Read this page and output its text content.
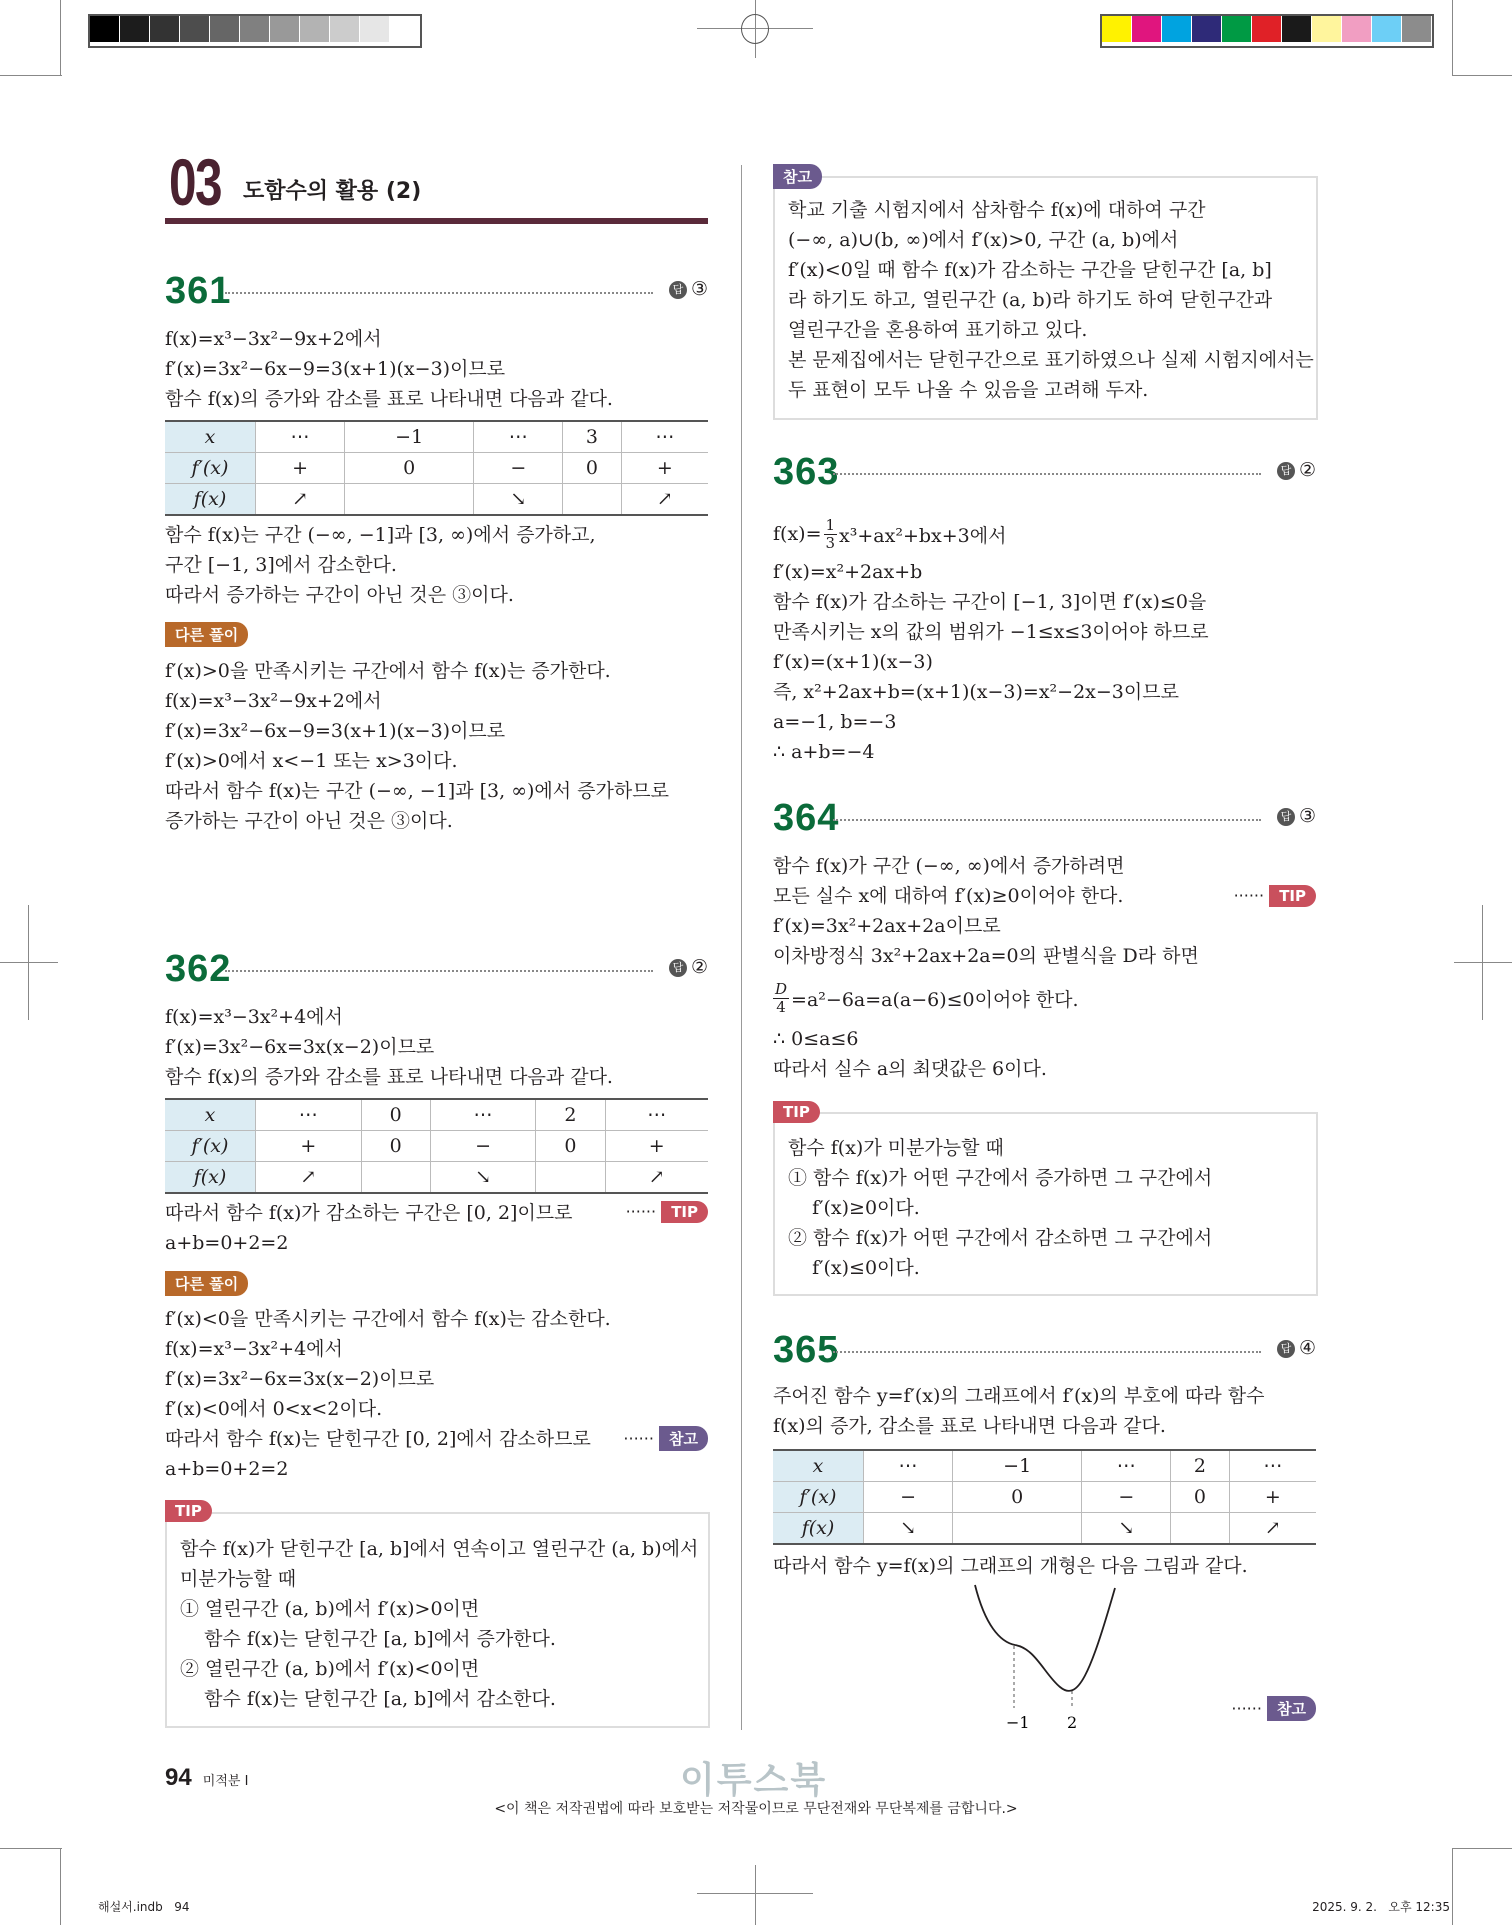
03 도함수의 활용 (2)
361	답 ③
f(x)=x³−3x²−9x+2에서
f′(x)=3x²−6x−9=3(x+1)(x−3)이므로
함수 f(x)의 증가와 감소를 표로 나타내면 다음과 같다.
x	⋯	−1	⋯	3	⋯
f′(x)	+	0	−	0	+
f(x)	↗		↘		↗
함수 f(x)는 구간 (−∞, −1]과 [3, ∞)에서 증가하고,
구간 [−1, 3]에서 감소한다.
따라서 증가하는 구간이 아닌 것은 ③이다.
다른 풀이
f′(x)>0을 만족시키는 구간에서 함수 f(x)는 증가한다.
f(x)=x³−3x²−9x+2에서
f′(x)=3x²−6x−9=3(x+1)(x−3)이므로
f′(x)>0에서 x<−1 또는 x>3이다.
따라서 함수 f(x)는 구간 (−∞, −1]과 [3, ∞)에서 증가하므로
증가하는 구간이 아닌 것은 ③이다.
362	답 ②
f(x)=x³−3x²+4에서
f′(x)=3x²−6x=3x(x−2)이므로
함수 f(x)의 증가와 감소를 표로 나타내면 다음과 같다.
x	⋯	0	⋯	2	⋯
f′(x)	+	0	−	0	+
f(x)	↗		↘		↗
따라서 함수 f(x)가 감소하는 구간은 [0, 2]이므로
a+b=0+2=2
······ TIP
다른 풀이
f′(x)<0을 만족시키는 구간에서 함수 f(x)는 감소한다.
f(x)=x³−3x²+4에서
f′(x)=3x²−6x=3x(x−2)이므로
f′(x)<0에서 0<x<2이다.
따라서 함수 f(x)는 닫힌구간 [0, 2]에서 감소하므로
a+b=0+2=2
······ 참고
TIP
함수 f(x)가 닫힌구간 [a, b]에서 연속이고 열린구간 (a, b)에서
미분가능할 때
① 열린구간 (a, b)에서 f′(x)>0이면
함수 f(x)는 닫힌구간 [a, b]에서 증가한다.
② 열린구간 (a, b)에서 f′(x)<0이면
함수 f(x)는 닫힌구간 [a, b]에서 감소한다.
참고
학교 기출 시험지에서 삼차함수 f(x)에 대하여 구간
(−∞, a)∪(b, ∞)에서 f′(x)>0, 구간 (a, b)에서
f′(x)<0일 때 함수 f(x)가 감소하는 구간을 닫힌구간 [a, b]
라 하기도 하고, 열린구간 (a, b)라 하기도 하여 닫힌구간과
열린구간을 혼용하여 표기하고 있다.
본 문제집에서는 닫힌구간으로 표기하였으나 실제 시험지에서는
두 표현이 모두 나올 수 있음을 고려해 두자.
363	답 ②
$f(x)= \frac{1}{3} x^3+ax^2+bx+3$에서
f′(x)=x²+2ax+b
함수 f(x)가 감소하는 구간이 [−1, 3]이면 f′(x)≤0을
만족시키는 x의 값의 범위가 −1≤x≤3이어야 하므로
f′(x)=(x+1)(x−3)
즉, x²+2ax+b=(x+1)(x−3)=x²−2x−3이므로
a=−1, b=−3
∴ a+b=−4
364	답 ③
함수 f(x)가 구간 (−∞, ∞)에서 증가하려면
모든 실수 x에 대하여 f′(x)≥0이어야 한다.
f′(x)=3x²+2ax+2a이므로
이차방정식 3x²+2ax+2a=0의 판별식을 D라 하면
······ TIP
$\frac{D}{4} =a^2-6a=a(a-6)\le 0$이어야 한다.
∴ 0≤a≤6
따라서 실수 a의 최댓값은 6이다.
TIP
함수 f(x)가 미분가능할 때
① 함수 f(x)가 어떤 구간에서 증가하면 그 구간에서
f′(x)≥0이다.
② 함수 f(x)가 어떤 구간에서 감소하면 그 구간에서
f′(x)≤0이다.
365	답 ④
주어진 함수 y=f′(x)의 그래프에서 f′(x)의 부호에 따라 함수
f(x)의 증가, 감소를 표로 나타내면 다음과 같다.
x	⋯	−1	⋯	2	⋯
f′(x)	−	0	−	0	+
f(x)	↘		↘		↗
따라서 함수 y=f(x)의 그래프의 개형은 다음 그림과 같다.
−1 2
······ 참고
94 미적분 I	이투스북
<이 책은 저작권법에 따라 보호받는 저작물이므로 무단전재와 무단복제를 금합니다.>
해설서.indb   94	2025. 9. 2.   오후 12:35
